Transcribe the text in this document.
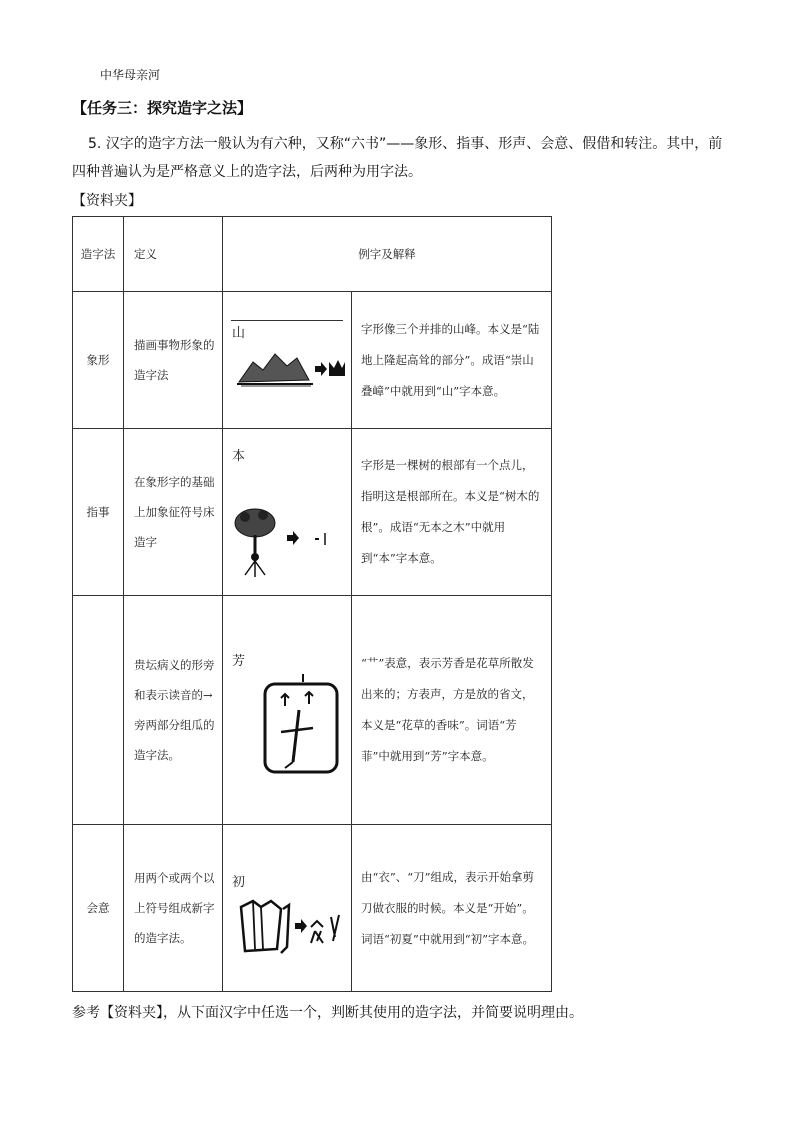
中华母亲河
【任务三：探究造字之法】
5. 汉字的造字方法一般认为有六种，又称“六书”——象形、指事、形声、会意、假借和转注。其中，前
四种普遍认为是严格意义上的造字法，后两种为用字法。
【资料夹】
造字法	定义	例字及解释	
象形	描画事物形象的造字法	山	字形像三个并排的山峰。本义是“陆地上隆起高耸的部分”。成语“崇山叠嶂”中就用到“山”字本意。
指事	在象形字的基础上加象征符号床造字	本	字形是一棵树的根部有一个点儿，指明这是根部所在。本义是“树木的根”。成语“无本之木”中就用到“本”字本意。
	贵坛病义的形旁和表示读音的→旁两部分组瓜的造字法。	芳	“艹”表意，表示芳香是花草所散发出来的；方表声，方是放的省文，本义是“花草的香味”。词语“芳菲”中就用到“芳”字本意。
会意	用两个或两个以上符号组成新字的造字法。	初	由“衣”、“刀”组成，表示开始拿剪刀做衣服的时候。本义是“开始”。词语“初夏”中就用到“初”字本意。
参考【资料夹】，从下面汉字中任选一个，判断其使用的造字法，并简要说明理由。
